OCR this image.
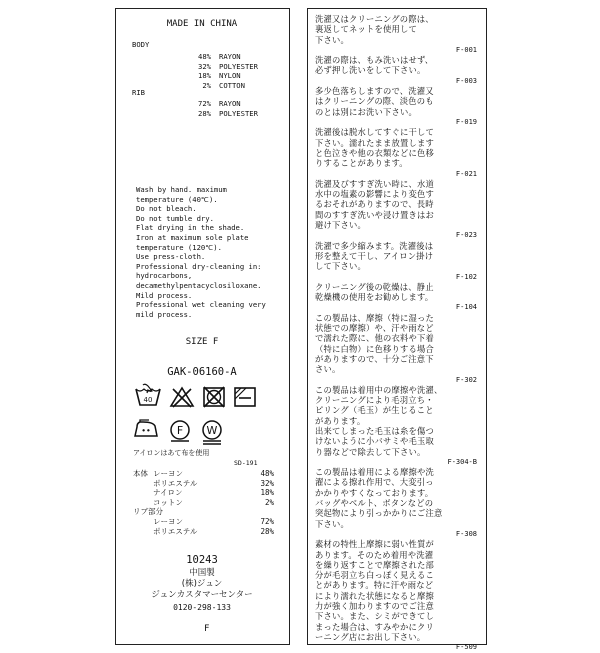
MADE IN CHINA
BODY
48% RAYON
32% POLYESTER
18% NYLON
2% COTTON
RIB
72% RAYON
28% POLYESTER
Wash by hand. maximum
temperature (40℃).
Do not bleach.
Do not tumble dry.
Flat drying in the shade.
Iron at maximum sole plate
temperature (120℃).
Use press-cloth.
Professional dry-cleaning in:
hydrocarbons,
decamethylpentacyclosiloxane.
Mild process.
Professional wet cleaning very
mild process.
SIZE F
GAK-06160-A
40
•• F W
アイロンはあて布を使用
SD-191
本体 レーヨン	48%
ポリエステル	32%
ナイロン	18%
コットン	2%
リブ部分
レーヨン	72%
ポリエステル	28%
10243
中国製
(株)ジュン
ジュンカスタマーセンター
0120-298-133
F
洗濯又はクリーニングの際は、
裏返してネットを使用して
下さい。
F-001
洗濯の際は、もみ洗いはせず、
必ず押し洗いをして下さい。
F-003
多少色落ちしますので、洗濯又
はクリーニングの際、淡色のも
のとは別にお洗い下さい。
F-019
洗濯後は脱水してすぐに干して
下さい。濡れたまま放置します
と色泣きや他の衣類などに色移
りすることがあります。
F-021
洗濯及びすすぎ洗い時に、水道
水中の塩素の影響により変色す
るおそれがありますので、長時
間のすすぎ洗いや浸け置きはお
避け下さい。
F-023
洗濯で多少縮みます。洗濯後は
形を整えて干し、アイロン掛け
して下さい。
F-102
クリーニング後の乾燥は、静止
乾燥機の使用をお勧めします。
F-104
この製品は、摩擦（特に湿った
状態での摩擦）や、汗や雨など
で濡れた際に、他の衣料や下着
（特に白物）に色移りする場合
がありますので、十分ご注意下
さい。
F-302
この製品は着用中の摩擦や洗濯、
クリーニングにより毛羽立ち・
ピリング（毛玉）が生じること
があります。
出来てしまった毛玉は糸を傷つ
けないように小バサミや毛玉取
り器などで除去して下さい。
F-304-B
この製品は着用による摩擦や洗
濯による擦れ作用で、大変引っ
かかりやすくなっております。
バッグやベルト、ボタンなどの
突起物により引っかかりにご注意
下さい。
F-308
素材の特性上摩擦に弱い性質が
あります。そのため着用や洗濯
を繰り返すことで摩擦された部
分が毛羽立ち白っぽく見えるこ
とがあります。特に汗や雨など
により濡れた状態になると摩擦
力が強く加わりますのでご注意
下さい。また、シミができてし
まった場合は、すみやかにクリ
ーニング店にお出し下さい。
F-509
